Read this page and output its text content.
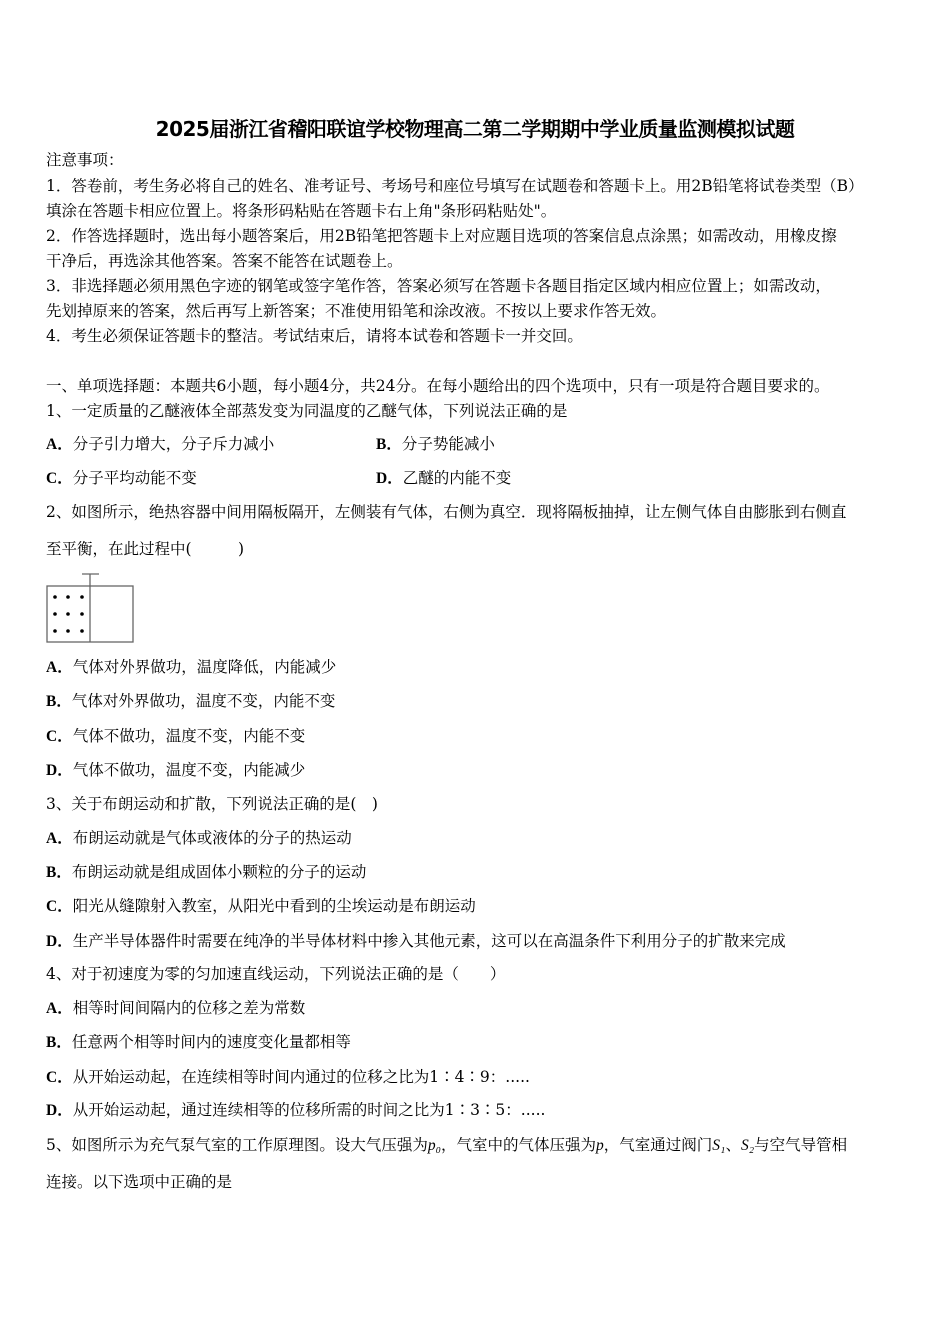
2025届浙江省稽阳联谊学校物理高二第二学期期中学业质量监测模拟试题
注意事项：
1．答卷前，考生务必将自己的姓名、准考证号、考场号和座位号填写在试题卷和答题卡上。用2B铅笔将试卷类型（B）
填涂在答题卡相应位置上。将条形码粘贴在答题卡右上角"条形码粘贴处"。
2．作答选择题时，选出每小题答案后，用2B铅笔把答题卡上对应题目选项的答案信息点涂黑；如需改动，用橡皮擦
干净后，再选涂其他答案。答案不能答在试题卷上。
3．非选择题必须用黑色字迹的钢笔或签字笔作答，答案必须写在答题卡各题目指定区域内相应位置上；如需改动，
先划掉原来的答案，然后再写上新答案；不准使用铅笔和涂改液。不按以上要求作答无效。
4．考生必须保证答题卡的整洁。考试结束后，请将本试卷和答题卡一并交回。
一、单项选择题：本题共6小题，每小题4分，共24分。在每小题给出的四个选项中，只有一项是符合题目要求的。
1、一定质量的乙醚液体全部蒸发变为同温度的乙醚气体，下列说法正确的是
A．分子引力增大，分子斥力减小	B．分子势能减小
C．分子平均动能不变	D．乙醚的内能不变
2、如图所示，绝热容器中间用隔板隔开，左侧装有气体，右侧为真空．现将隔板抽掉，让左侧气体自由膨胀到右侧直
至平衡，在此过程中(　　　)
A．气体对外界做功，温度降低，内能减少
B．气体对外界做功，温度不变，内能不变
C．气体不做功，温度不变，内能不变
D．气体不做功，温度不变，内能减少
3、关于布朗运动和扩散，下列说法正确的是(　)
A．布朗运动就是气体或液体的分子的热运动
B．布朗运动就是组成固体小颗粒的分子的运动
C．阳光从缝隙射入教室，从阳光中看到的尘埃运动是布朗运动
D．生产半导体器件时需要在纯净的半导体材料中掺入其他元素，这可以在高温条件下利用分子的扩散来完成
4、对于初速度为零的匀加速直线运动，下列说法正确的是（　　）
A．相等时间间隔内的位移之差为常数
B．任意两个相等时间内的速度变化量都相等
C．从开始运动起，在连续相等时间内通过的位移之比为1∶4∶9：.....
D．从开始运动起，通过连续相等的位移所需的时间之比为1∶3∶5：.....
5、如图所示为充气泵气室的工作原理图。设大气压强为p₀，气室中的气体压强为p，气室通过阀门S₁、S₂与空气导管相
连接。以下选项中正确的是
